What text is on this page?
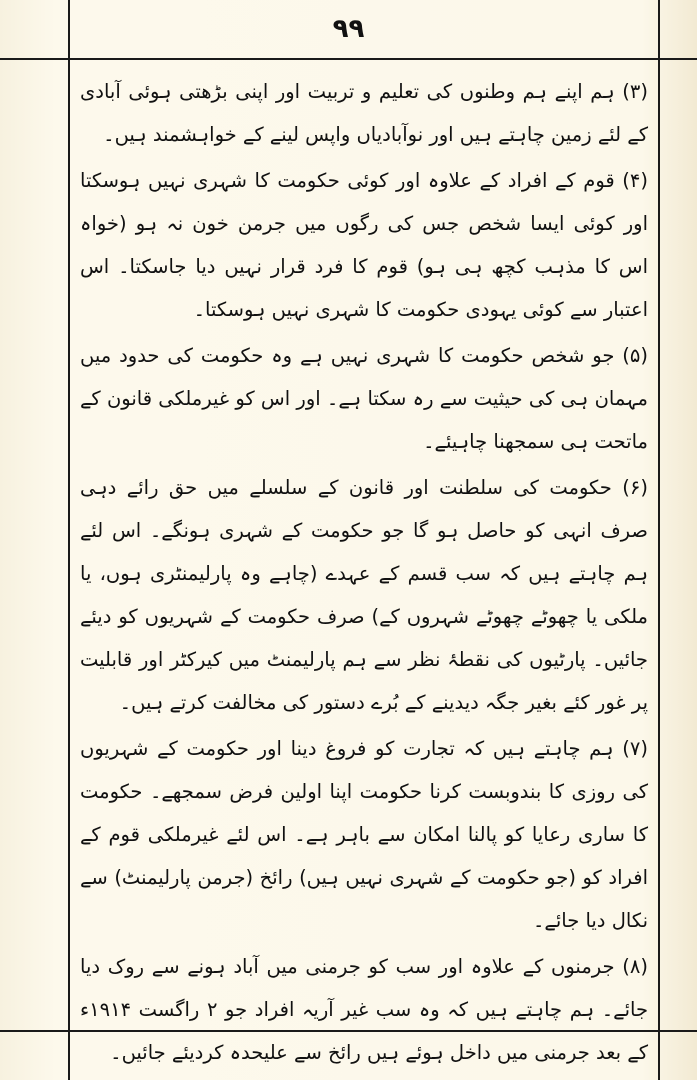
۹۹

(۳) ہم اپنے ہم وطنوں کی تعلیم و تربیت اور اپنی بڑھتی ہوئی آبادی کے لئے زمین چاہتے ہیں اور نوآبادیاں واپس لینے کے خواہشمند ہیں۔

(۴) قوم کے افراد کے علاوہ اور کوئی حکومت کا شہری نہیں ہوسکتا اور کوئی ایسا شخص جس کی رگوں میں جرمن خون نہ ہو (خواہ اس کا مذہب کچھ ہی ہو) قوم کا فرد قرار نہیں دیا جاسکتا۔ اس اعتبار سے کوئی یہودی حکومت کا شہری نہیں ہوسکتا۔

(۵) جو شخص حکومت کا شہری نہیں ہے وہ حکومت کی حدود میں مہمان ہی کی حیثیت سے رہ سکتا ہے۔ اور اس کو غیرملکی قانون کے ماتحت ہی سمجھنا چاہیئے۔

(۶) حکومت کی سلطنت اور قانون کے سلسلے میں حق رائے دہی صرف انہی کو حاصل ہو گا جو حکومت کے شہری ہونگے۔ اس لئے ہم چاہتے ہیں کہ سب قسم کے عہدے (چاہے وہ پارلیمنٹری ہوں، یا ملکی یا چھوٹے چھوٹے شہروں کے) صرف حکومت کے شہریوں کو دیئے جائیں۔ پارٹیوں کی نقطۂ نظر سے ہم پارلیمنٹ میں کیرکٹر اور قابلیت پر غور کئے بغیر جگہ دیدینے کے بُرے دستور کی مخالفت کرتے ہیں۔

(۷) ہم چاہتے ہیں کہ تجارت کو فروغ دینا اور حکومت کے شہریوں کی روزی کا بندوبست کرنا حکومت اپنا اولین فرض سمجھے۔ حکومت کا ساری رعایا کو پالنا امکان سے باہر ہے۔ اس لئے غیرملکی قوم کے افراد کو (جو حکومت کے شہری نہیں ہیں) رائخ (جرمن پارلیمنٹ) سے نکال دیا جائے۔

(۸) جرمنوں کے علاوہ اور سب کو جرمنی میں آباد ہونے سے روک دیا جائے۔ ہم چاہتے ہیں کہ وہ سب غیر آریہ افراد جو ۲ راگست ۱۹۱۴ء کے بعد جرمنی میں داخل ہوئے ہیں رائخ سے علیحدہ کردیئے جائیں۔
